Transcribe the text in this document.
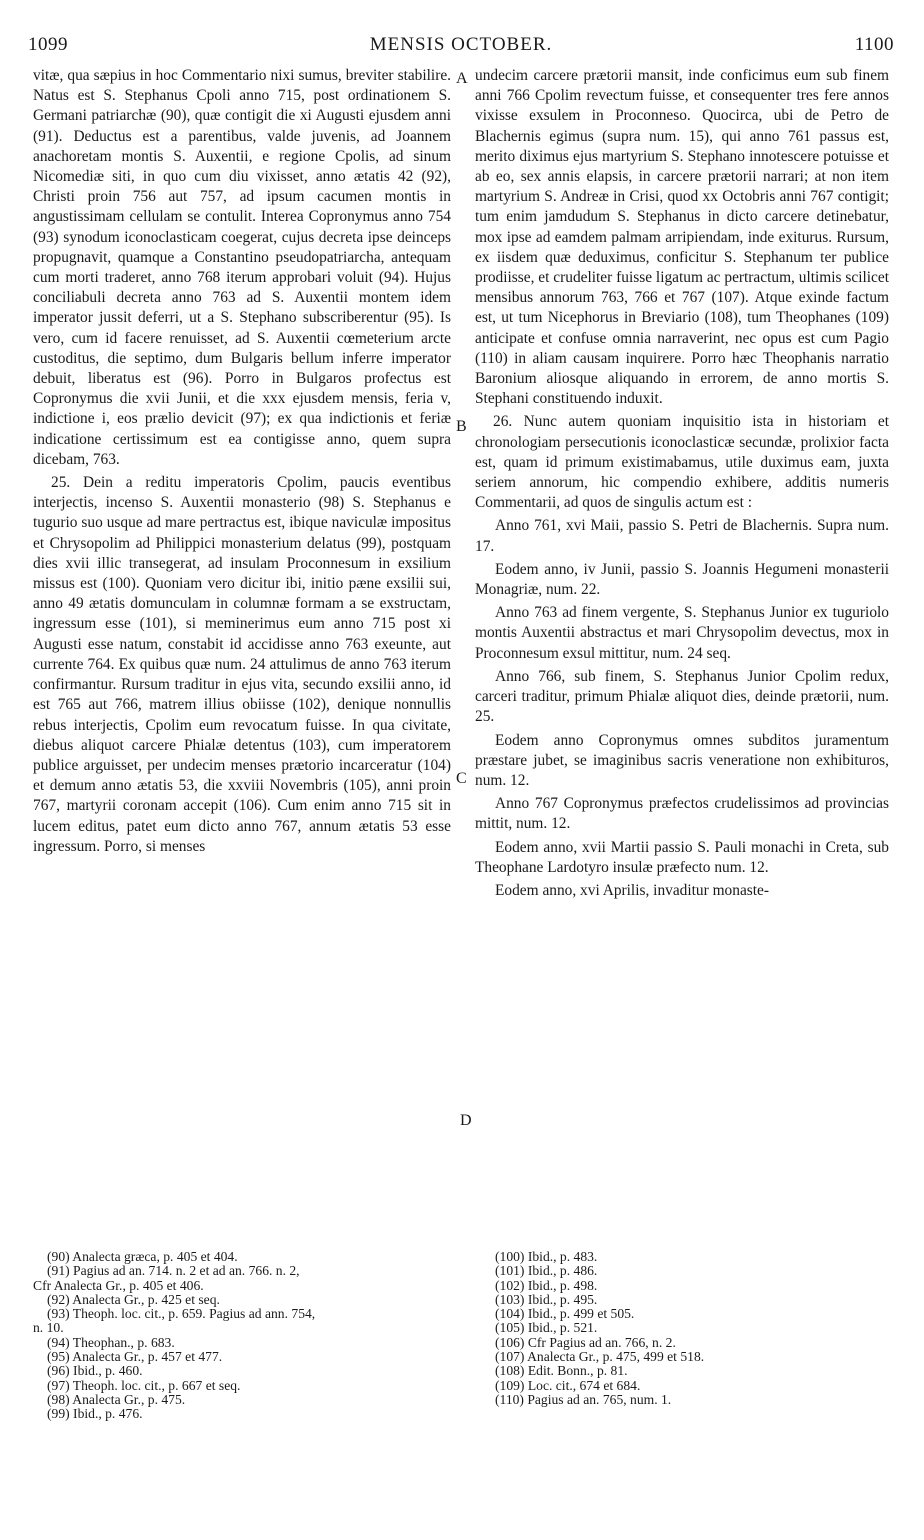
1099	MENSIS OCTOBER.	1100

vitæ, qua sæpius in hoc Commentario nixi sumus, breviter stabilire. Natus est S. Stephanus Cpoli anno 715, post ordinationem S. Germani patriarchæ (90), quæ contigit die xi Augusti ejusdem anni (91). Deductus est a parentibus, valde juvenis, ad Joannem anachoretam montis S. Auxentii, e regione Cpolis, ad sinum Nicomediæ siti, in quo cum diu vixisset, anno ætatis 42 (92), Christi proin 756 aut 757, ad ipsum cacumen montis in angustissimam cellulam se contulit. Interea Copronymus anno 754 (93) synodum iconoclasticam coegerat, cujus decreta ipse deinceps propugnavit, quamque a Constantino pseudopatriarcha, antequam cum morti traderet, anno 768 iterum approbari voluit (94). Hujus conciliabuli decreta anno 763 ad S. Auxentii montem idem imperator jussit deferri, ut a S. Stephano subscriberentur (95). Is vero, cum id facere renuisset, ad S. Auxentii cœmeterium arcte custoditus, die septimo, dum Bulgaris bellum inferre imperator debuit, liberatus est (96). Porro in Bulgaros profectus est Copronymus die xvii Junii, et die xxx ejusdem mensis, feria v, indictione i, eos prælio devicit (97); ex qua indictionis et feriæ indicatione certissimum est ea contigisse anno, quem supra dicebam, 763.

25. Dein a reditu imperatoris Cpolim, paucis eventibus interjectis, incenso S. Auxentii monasterio (98) S. Stephanus e tugurio suo usque ad mare pertractus est, ibique naviculæ impositus et Chrysopolim ad Philippici monasterium delatus (99), postquam dies xvii illic transegerat, ad insulam Proconnesum in exsilium missus est (100). Quoniam vero dicitur ibi, initio pæne exsilii sui, anno 49 ætatis domunculam in columnæ formam a se exstructam, ingressum esse (101), si meminerimus eum anno 715 post xi Augusti esse natum, constabit id accidisse anno 763 exeunte, aut currente 764. Ex quibus quæ num. 24 attulimus de anno 763 iterum confirmantur. Rursum traditur in ejus vita, secundo exsilii anno, id est 765 aut 766, matrem illius obiisse (102), denique nonnullis rebus interjectis, Cpolim eum revocatum fuisse. In qua civitate, diebus aliquot carcere Phialæ detentus (103), cum imperatorem publice arguisset, per undecim menses prætorio incarceratur (104) et demum anno ætatis 53, die xxviii Novembris (105), anni proin 767, martyrii coronam accepit (106). Cum enim anno 715 sit in lucem editus, patet eum dicto anno 767, annum ætatis 53 esse ingressum. Porro, si menses

A
B
C
D

undecim carcere prætorii mansit, inde conficimus eum sub finem anni 766 Cpolim revectum fuisse, et consequenter tres fere annos vixisse exsulem in Proconneso. Quocirca, ubi de Petro de Blachernis egimus (supra num. 15), qui anno 761 passus est, merito diximus ejus martyrium S. Stephano innotescere potuisse et ab eo, sex annis elapsis, in carcere prætorii narrari; at non item martyrium S. Andreæ in Crisi, quod xx Octobris anni 767 contigit; tum enim jamdudum S. Stephanus in dicto carcere detinebatur, mox ipse ad eamdem palmam arripiendam, inde exiturus. Rursum, ex iisdem quæ deduximus, conficitur S. Stephanum ter publice prodiisse, et crudeliter fuisse ligatum ac pertractum, ultimis scilicet mensibus annorum 763, 766 et 767 (107). Atque exinde factum est, ut tum Nicephorus in Breviario (108), tum Theophanes (109) anticipate et confuse omnia narraverint, nec opus est cum Pagio (110) in aliam causam inquirere. Porro hæc Theophanis narratio Baronium aliosque aliquando in errorem, de anno mortis S. Stephani constituendo induxit.

26. Nunc autem quoniam inquisitio ista in historiam et chronologiam persecutionis iconoclasticæ secundæ, prolixior facta est, quam id primum existimabamus, utile duximus eam, juxta seriem annorum, hic compendio exhibere, additis numeris Commentarii, ad quos de singulis actum est :

Anno 761, xvi Maii, passio S. Petri de Blachernis. Supra num. 17.

Eodem anno, iv Junii, passio S. Joannis Hegumeni monasterii Monagriæ, num. 22.

Anno 763 ad finem vergente, S. Stephanus Junior ex tuguriolo montis Auxentii abstractus et mari Chrysopolim devectus, mox in Proconnesum exsul mittitur, num. 24 seq.

Anno 766, sub finem, S. Stephanus Junior Cpolim redux, carceri traditur, primum Phialæ aliquot dies, deinde prætorii, num. 25.

Eodem anno Copronymus omnes subditos juramentum præstare jubet, se imaginibus sacris veneratione non exhibituros, num. 12.

Anno 767 Copronymus præfectos crudelissimos ad provincias mittit, num. 12.

Eodem anno, xvii Martii passio S. Pauli monachi in Creta, sub Theophane Lardotyro insulæ præfecto num. 12.

Eodem anno, xvi Aprilis, invaditur monaste-

(90) Analecta græca, p. 405 et 404.
(91) Pagius ad an. 714. n. 2 et ad an. 766. n. 2,
Cfr Analecta Gr., p. 405 et 406.
(92) Analecta Gr., p. 425 et seq.
(93) Theoph. loc. cit., p. 659. Pagius ad ann. 754,
n. 10.
(94) Theophan., p. 683.
(95) Analecta Gr., p. 457 et 477.
(96) Ibid., p. 460.
(97) Theoph. loc. cit., p. 667 et seq.
(98) Analecta Gr., p. 475.
(99) Ibid., p. 476.
(100) Ibid., p. 483.
(101) Ibid., p. 486.
(102) Ibid., p. 498.
(103) Ibid., p. 495.
(104) Ibid., p. 499 et 505.
(105) Ibid., p. 521.
(106) Cfr Pagius ad an. 766, n. 2.
(107) Analecta Gr., p. 475, 499 et 518.
(108) Edit. Bonn., p. 81.
(109) Loc. cit., 674 et 684.
(110) Pagius ad an. 765, num. 1.
